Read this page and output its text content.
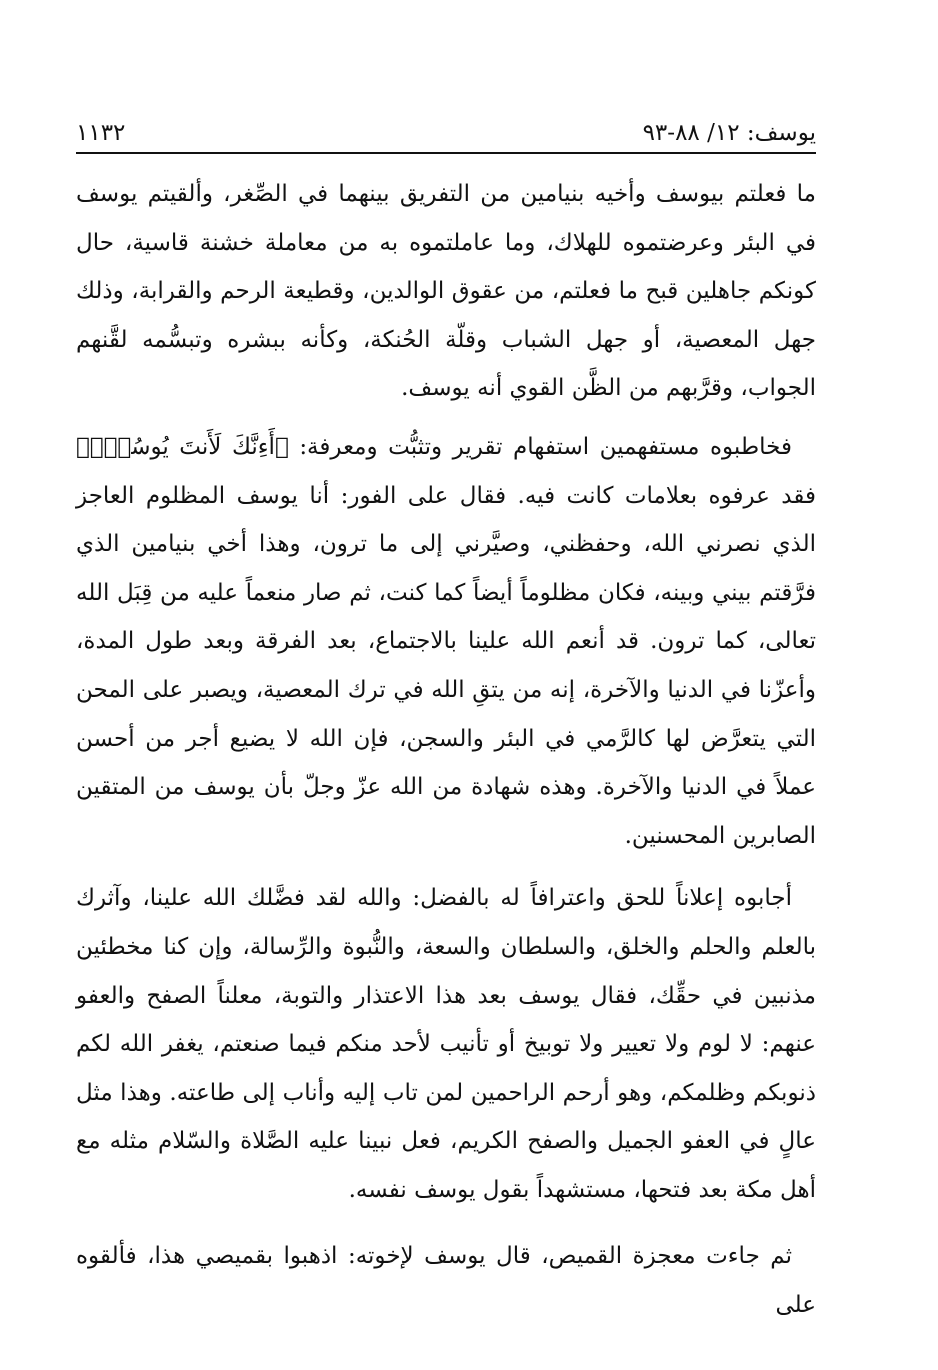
يوسف: ١٢/ ٨٨-٩٣
١١٣٢

ما فعلتم بيوسف وأخيه بنيامين من التفريق بينهما في الصِّغر، وألقيتم يوسف في البئر وعرضتموه للهلاك، وما عاملتموه به من معاملة خشنة قاسية، حال كونكم جاهلين قبح ما فعلتم، من عقوق الوالدين، وقطيعة الرحم والقرابة، وذلك جهل المعصية، أو جهل الشباب وقلّة الحُنكة، وكأنه ببشره وتبسُّمه لقَّنهم الجواب، وقرَّبهم من الظَّن القوي أنه يوسف.

فخاطبوه مستفهمين استفهام تقرير وتثبُّت ومعرفة: ﴿أَءِنَّكَ لَأَنتَ يُوسُفُۖ﴾ فقد عرفوه بعلامات كانت فيه. فقال على الفور: أنا يوسف المظلوم العاجز الذي نصرني الله، وحفظني، وصيَّرني إلى ما ترون، وهذا أخي بنيامين الذي فرَّقتم بيني وبينه، فكان مظلوماً أيضاً كما كنت، ثم صار منعماً عليه من قِبَل الله تعالى، كما ترون. قد أنعم الله علينا بالاجتماع، بعد الفرقة وبعد طول المدة، وأعزّنا في الدنيا والآخرة، إنه من يتقِ الله في ترك المعصية، ويصبر على المحن التي يتعرَّض لها كالرَّمي في البئر والسجن، فإن الله لا يضيع أجر من أحسن عملاً في الدنيا والآخرة. وهذه شهادة من الله عزّ وجلّ بأن يوسف من المتقين الصابرين المحسنين.

أجابوه إعلاناً للحق واعترافاً له بالفضل: والله لقد فضَّلك الله علينا، وآثرك بالعلم والحلم والخلق، والسلطان والسعة، والنُّبوة والرِّسالة، وإن كنا مخطئين مذنبين في حقِّك، فقال يوسف بعد هذا الاعتذار والتوبة، معلناً الصفح والعفو عنهم: لا لوم ولا تعيير ولا توبيخ أو تأنيب لأحد منكم فيما صنعتم، يغفر الله لكم ذنوبكم وظلمكم، وهو أرحم الراحمين لمن تاب إليه وأناب إلى طاعته. وهذا مثل عالٍ في العفو الجميل والصفح الكريم، فعل نبينا عليه الصَّلاة والسّلام مثله مع أهل مكة بعد فتحها، مستشهداً بقول يوسف نفسه.

ثم جاءت معجزة القميص، قال يوسف لإخوته: اذهبوا بقميصي هذا، فألقوه على
